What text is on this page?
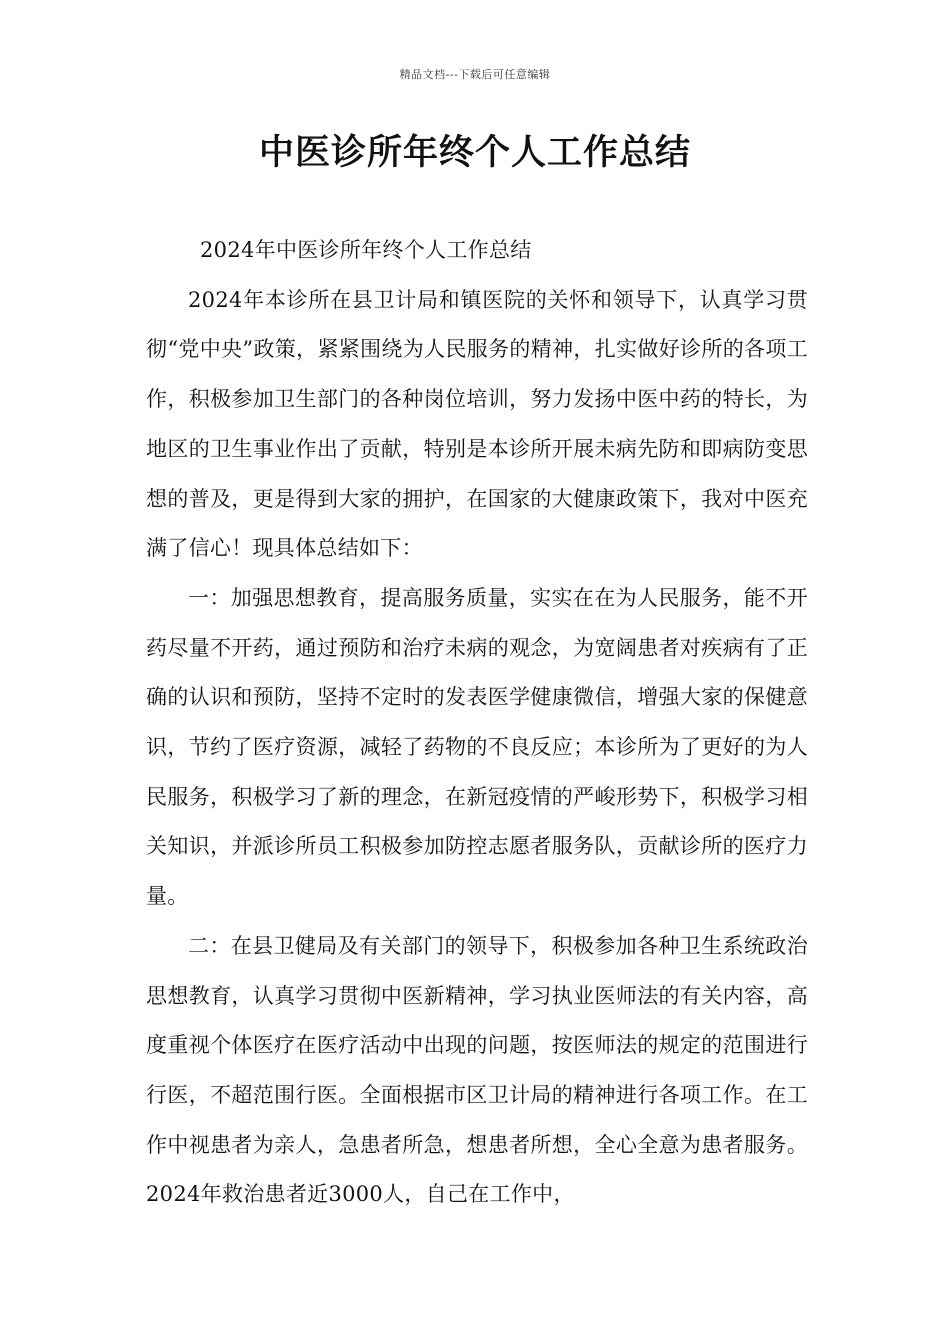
精品文档---下载后可任意编辑
中医诊所年终个人工作总结

2024年中医诊所年终个人工作总结

2024年本诊所在县卫计局和镇医院的关怀和领导下，认真学习贯彻“党中央”政策，紧紧围绕为人民服务的精神，扎实做好诊所的各项工作，积极参加卫生部门的各种岗位培训，努力发扬中医中药的特长，为地区的卫生事业作出了贡献，特别是本诊所开展未病先防和即病防变思想的普及，更是得到大家的拥护，在国家的大健康政策下，我对中医充满了信心！现具体总结如下：

一：加强思想教育，提高服务质量，实实在在为人民服务，能不开药尽量不开药，通过预防和治疗未病的观念，为宽阔患者对疾病有了正确的认识和预防，坚持不定时的发表医学健康微信，增强大家的保健意识，节约了医疗资源，减轻了药物的不良反应；本诊所为了更好的为人民服务，积极学习了新的理念，在新冠疫情的严峻形势下，积极学习相关知识，并派诊所员工积极参加防控志愿者服务队，贡献诊所的医疗力量。

二：在县卫健局及有关部门的领导下，积极参加各种卫生系统政治思想教育，认真学习贯彻中医新精神，学习执业医师法的有关内容，高度重视个体医疗在医疗活动中出现的问题，按医师法的规定的范围进行行医，不超范围行医。全面根据市区卫计局的精神进行各项工作。在工作中视患者为亲人，急患者所急，想患者所想，全心全意为患者服务。2024年救治患者近3000人，自己在工作中，
